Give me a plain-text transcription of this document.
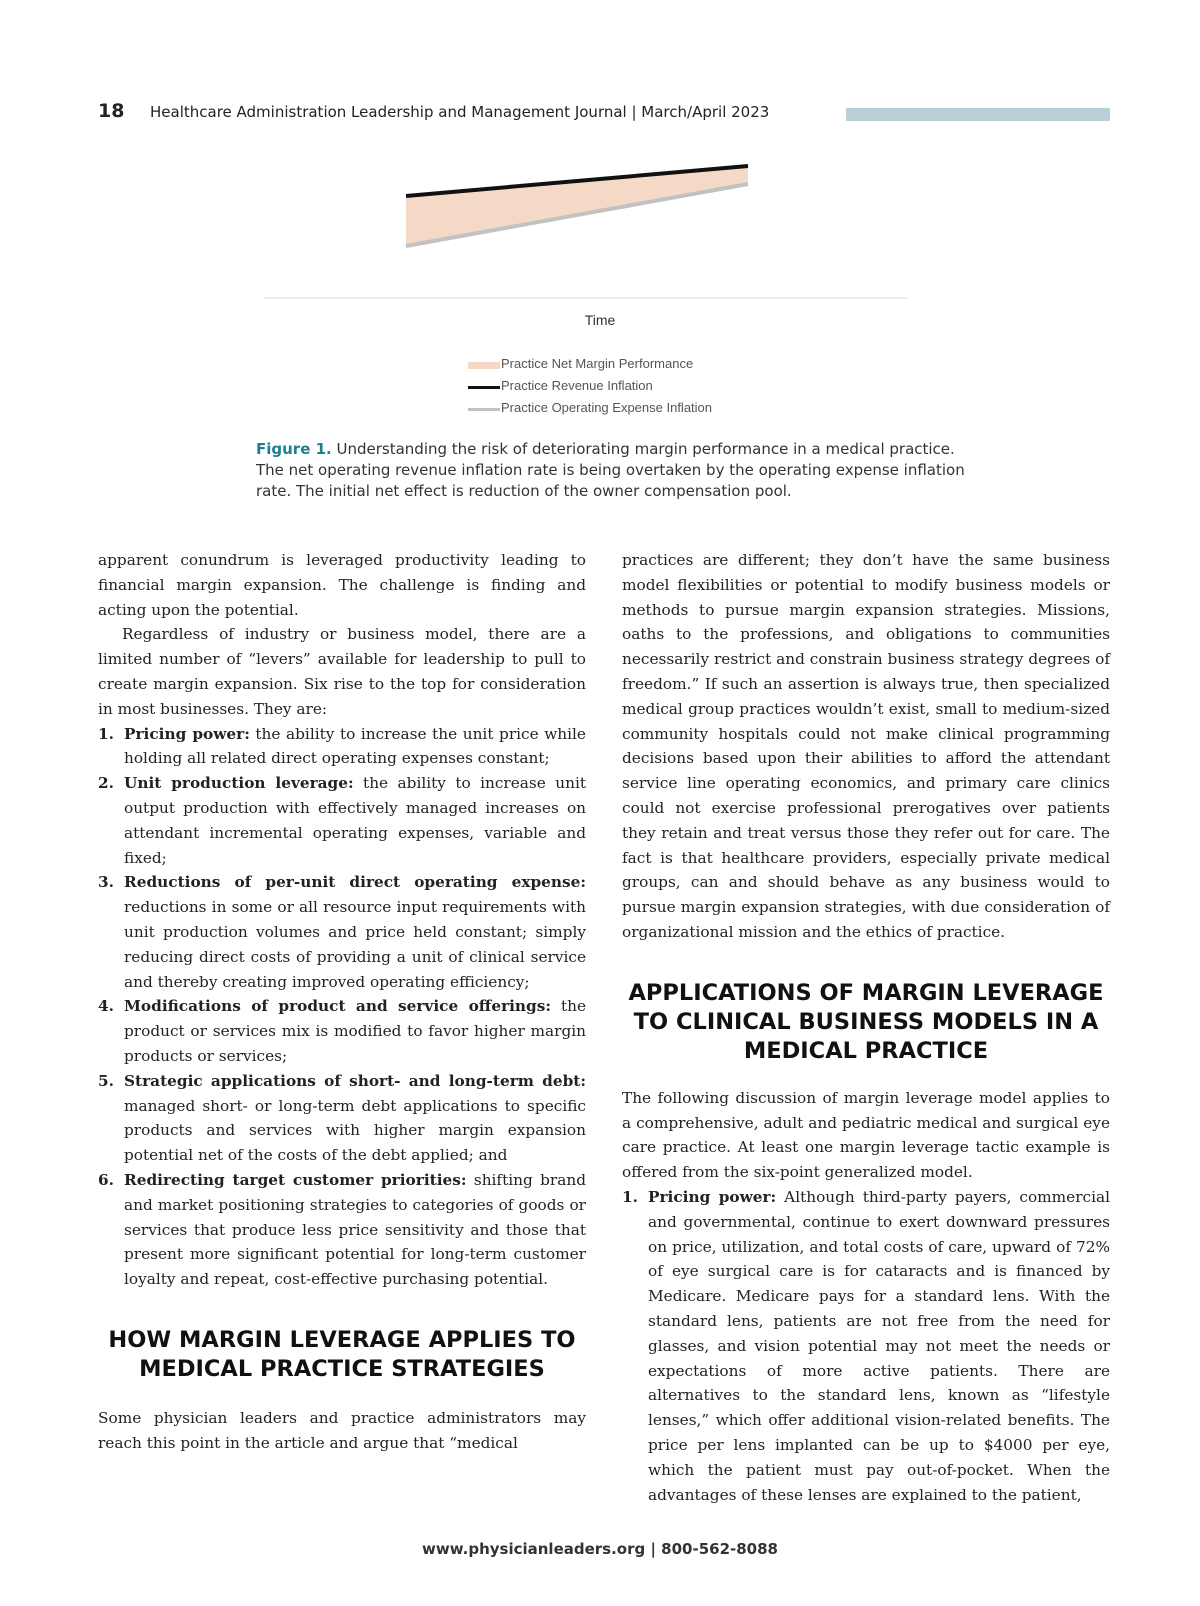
18 Healthcare Administration Leadership and Management Journal | March/April 2023
Time
Practice Net Margin Performance
Practice Revenue Inflation
Practice Operating Expense Inflation
Figure 1. Understanding the risk of deteriorating margin performance in a medical practice. The net operating revenue inflation rate is being overtaken by the operating expense inflation rate. The initial net effect is reduction of the owner compensation pool.

apparent conundrum is leveraged productivity leading to financial margin expansion. The challenge is finding and acting upon the potential.

Regardless of industry or business model, there are a limited number of “levers” available for leadership to pull to create margin expansion. Six rise to the top for consideration in most businesses. They are:

1. Pricing power: the ability to increase the unit price while holding all related direct operating expenses constant;
2. Unit production leverage: the ability to increase unit output production with effectively managed increases on attendant incremental operating expenses, variable and fixed;
3. Reductions of per-unit direct operating expense: reductions in some or all resource input requirements with unit production volumes and price held constant; simply reducing direct costs of providing a unit of clinical service and thereby creating improved operating efficiency;
4. Modifications of product and service offerings: the product or services mix is modified to favor higher margin products or services;
5. Strategic applications of short- and long-term debt: managed short- or long-term debt applications to specific products and services with higher margin expansion potential net of the costs of the debt applied; and
6. Redirecting target customer priorities: shifting brand and market positioning strategies to categories of goods or services that produce less price sensitivity and those that present more significant potential for long-term customer loyalty and repeat, cost-effective purchasing potential.
HOW MARGIN LEVERAGE APPLIES TO MEDICAL PRACTICE STRATEGIES

Some physician leaders and practice administrators may reach this point in the article and argue that “medical

practices are different; they don’t have the same business model flexibilities or potential to modify business models or methods to pursue margin expansion strategies. Missions, oaths to the professions, and obligations to communities necessarily restrict and constrain business strategy degrees of freedom.” If such an assertion is always true, then specialized medical group practices wouldn’t exist, small to medium-sized community hospitals could not make clinical programming decisions based upon their abilities to afford the attendant service line operating economics, and primary care clinics could not exercise professional prerogatives over patients they retain and treat versus those they refer out for care. The fact is that healthcare providers, especially private medical groups, can and should behave as any business would to pursue margin expansion strategies, with due consideration of organizational mission and the ethics of practice.

APPLICATIONS OF MARGIN LEVERAGE TO CLINICAL BUSINESS MODELS IN A MEDICAL PRACTICE

The following discussion of margin leverage model applies to a comprehensive, adult and pediatric medical and surgical eye care practice. At least one margin leverage tactic example is offered from the six-point generalized model.

1. Pricing power: Although third-party payers, commercial and governmental, continue to exert downward pressures on price, utilization, and total costs of care, upward of 72% of eye surgical care is for cataracts and is financed by Medicare. Medicare pays for a standard lens. With the standard lens, patients are not free from the need for glasses, and vision potential may not meet the needs or expectations of more active patients. There are alternatives to the standard lens, known as “lifestyle lenses,” which offer additional vision-related benefits. The price per lens implanted can be up to $4000 per eye, which the patient must pay out-of-pocket. When the advantages of these lenses are explained to the patient,
www.physicianleaders.org | 800-562-8088
